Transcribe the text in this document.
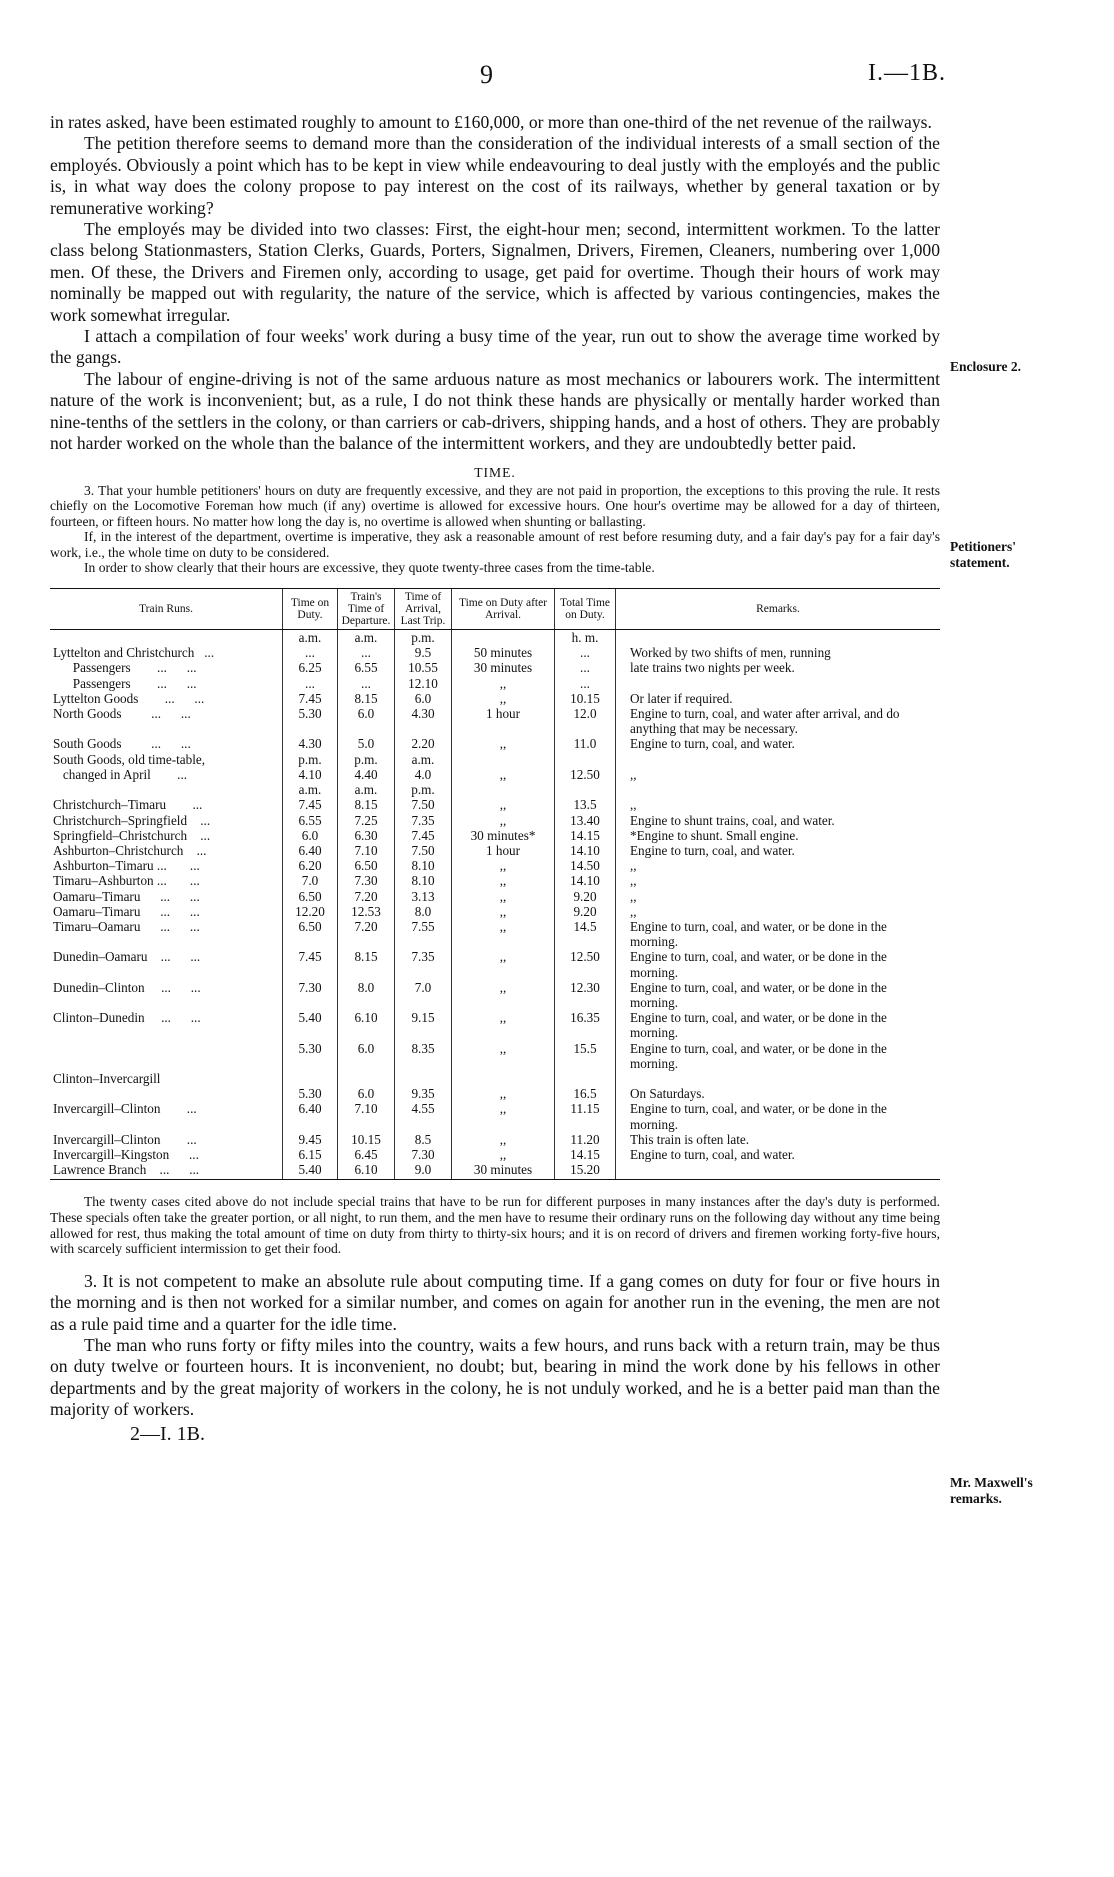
9	I.—1B.

in rates asked, have been estimated roughly to amount to £160,000, or more than one-third of the net revenue of the railways.

The petition therefore seems to demand more than the consideration of the individual interests of a small section of the employés. Obviously a point which has to be kept in view while endeavouring to deal justly with the employés and the public is, in what way does the colony propose to pay interest on the cost of its railways, whether by general taxation or by remunerative working?

The employés may be divided into two classes: First, the eight-hour men; second, intermittent workmen. To the latter class belong Stationmasters, Station Clerks, Guards, Porters, Signalmen, Drivers, Firemen, Cleaners, numbering over 1,000 men. Of these, the Drivers and Firemen only, according to usage, get paid for overtime. Though their hours of work may nominally be mapped out with regularity, the nature of the service, which is affected by various contingencies, makes the work somewhat irregular.

I attach a compilation of four weeks' work during a busy time of the year, run out to show the average time worked by the gangs.

The labour of engine-driving is not of the same arduous nature as most mechanics or labourers work. The intermittent nature of the work is inconvenient; but, as a rule, I do not think these hands are physically or mentally harder worked than nine-tenths of the settlers in the colony, or than carriers or cab-drivers, shipping hands, and a host of others. They are probably not harder worked on the whole than the balance of the intermittent workers, and they are undoubtedly better paid.

TIME.

3. That your humble petitioners' hours on duty are frequently excessive, and they are not paid in proportion, the exceptions to this proving the rule. It rests chiefly on the Locomotive Foreman how much (if any) overtime is allowed for excessive hours. One hour's overtime may be allowed for a day of thirteen, fourteen, or fifteen hours. No matter how long the day is, no overtime is allowed when shunting or ballasting.

If, in the interest of the department, overtime is imperative, they ask a reasonable amount of rest before resuming duty, and a fair day's pay for a fair day's work, i.e., the whole time on duty to be considered.

In order to show clearly that their hours are excessive, they quote twenty-three cases from the time-table.

Train Runs.	Time on Duty.	Train's Time of Departure.	Time of Arrival, Last Trip.	Time on Duty after Arrival.	Total Time on Duty.	Remarks.
	a.m.	a.m.	p.m.		h. m.	
Lyttelton and Christchurch   ...	...	...	9.5	50 minutes	...	Worked by two shifts of men, running
Passengers        ...      ...	6.25	6.55	10.55	30 minutes	...	late trains two nights per week.
Passengers        ...      ...	...	...	12.10	,,	...	
Lyttelton Goods        ...      ...	7.45	8.15	6.0	,,	10.15	Or later if required.
North Goods         ...      ...	5.30	6.0	4.30	1 hour	12.0	Engine to turn, coal, and water after arrival, and do anything that may be necessary.
South Goods         ...      ...	4.30	5.0	2.20	,,	11.0	Engine to turn, coal, and water.
South Goods, old time-table,	p.m.	p.m.	a.m.			
changed in April        ...	4.10	4.40	4.0	,,	12.50	,,
	a.m.	a.m.	p.m.			
Christchurch–Timaru        ...	7.45	8.15	7.50	,,	13.5	,,
Christchurch–Springfield    ...	6.55	7.25	7.35	,,	13.40	Engine to shunt trains, coal, and water.
Springfield–Christchurch    ...	6.0	6.30	7.45	30 minutes*	14.15	*Engine to shunt. Small engine.
Ashburton–Christchurch    ...	6.40	7.10	7.50	1 hour	14.10	Engine to turn, coal, and water.
Ashburton–Timaru ...       ...	6.20	6.50	8.10	,,	14.50	,,
Timaru–Ashburton ...       ...	7.0	7.30	8.10	,,	14.10	,,
Oamaru–Timaru      ...      ...	6.50	7.20	3.13	,,	9.20	,,
Oamaru–Timaru      ...      ...	12.20	12.53	8.0	,,	9.20	,,
Timaru–Oamaru      ...      ...	6.50	7.20	7.55	,,	14.5	Engine to turn, coal, and water, or be done in the morning.
Dunedin–Oamaru    ...      ...	7.45	8.15	7.35	,,	12.50	Engine to turn, coal, and water, or be done in the morning.
Dunedin–Clinton     ...      ...	7.30	8.0	7.0	,,	12.30	Engine to turn, coal, and water, or be done in the morning.
Clinton–Dunedin     ...      ...	5.40	6.10	9.15	,,	16.35	Engine to turn, coal, and water, or be done in the morning.
	5.30	6.0	8.35	,,	15.5	Engine to turn, coal, and water, or be done in the morning.
Clinton–Invercargill						
	5.30	6.0	9.35	,,	16.5	On Saturdays.
Invercargill–Clinton        ...	6.40	7.10	4.55	,,	11.15	Engine to turn, coal, and water, or be done in the morning.
Invercargill–Clinton        ...	9.45	10.15	8.5	,,	11.20	This train is often late.
Invercargill–Kingston      ...	6.15	6.45	7.30	,,	14.15	Engine to turn, coal, and water.
Lawrence Branch    ...      ...	5.40	6.10	9.0	30 minutes	15.20	

The twenty cases cited above do not include special trains that have to be run for different purposes in many instances after the day's duty is performed. These specials often take the greater portion, or all night, to run them, and the men have to resume their ordinary runs on the following day without any time being allowed for rest, thus making the total amount of time on duty from thirty to thirty-six hours; and it is on record of drivers and firemen working forty-five hours, with scarcely sufficient intermission to get their food.

3. It is not competent to make an absolute rule about computing time. If a gang comes on duty for four or five hours in the morning and is then not worked for a similar number, and comes on again for another run in the evening, the men are not as a rule paid time and a quarter for the idle time.

The man who runs forty or fifty miles into the country, waits a few hours, and runs back with a return train, may be thus on duty twelve or fourteen hours. It is inconvenient, no doubt; but, bearing in mind the work done by his fellows in other departments and by the great majority of workers in the colony, he is not unduly worked, and he is a better paid man than the majority of workers.

2—I. 1B.
Enclosure 2.
Petitioners'
statement.
Mr. Maxwell's
remarks.
